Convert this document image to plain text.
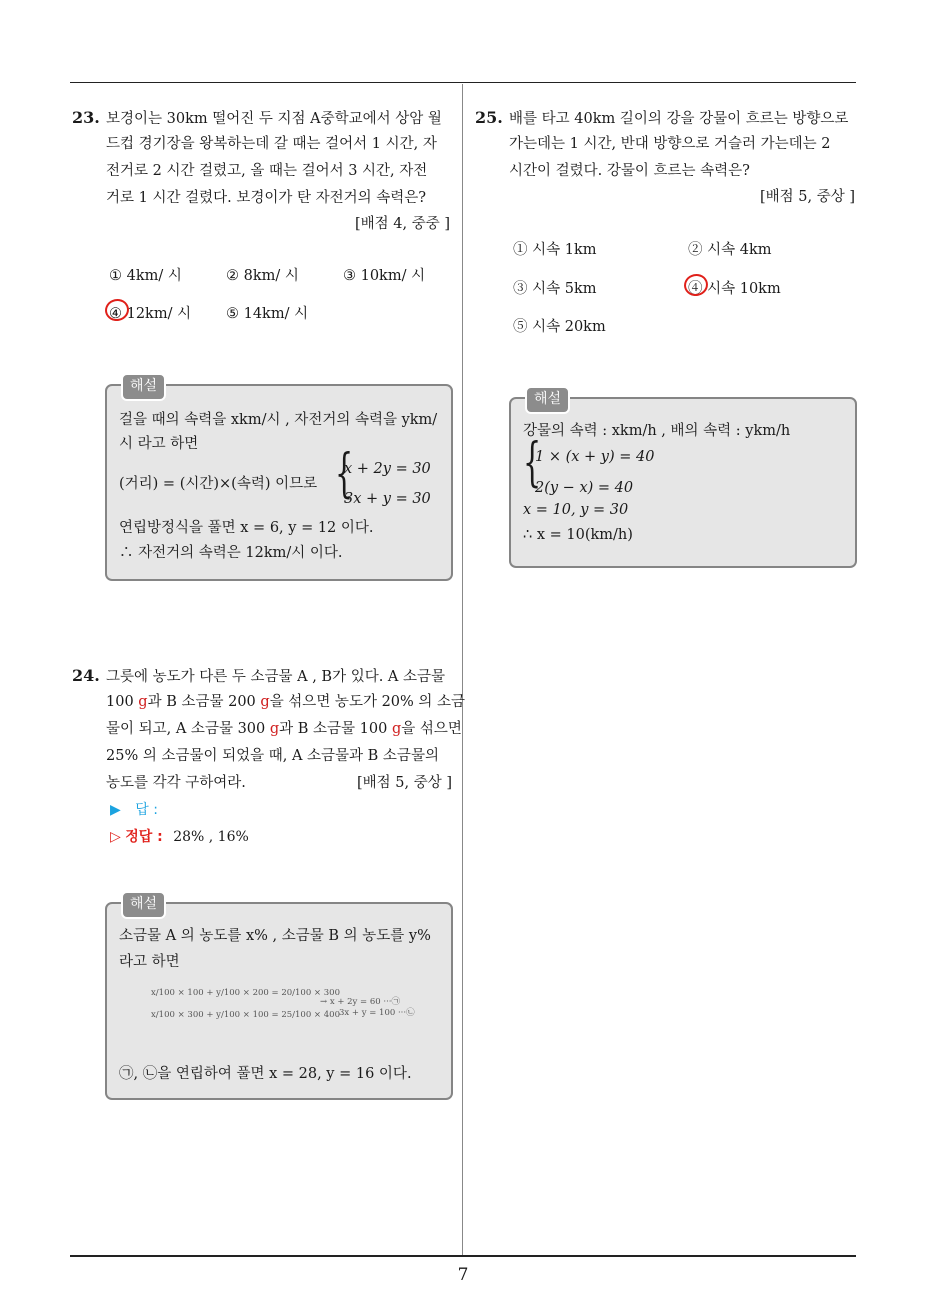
7
23. 보경이는 30km 떨어진 두 지점 A중학교에서 상암 월
드컵 경기장을 왕복하는데 갈 때는 걸어서 1 시간, 자
전거로 2 시간 걸렸고, 올 때는 걸어서 3 시간, 자전
거로 1 시간 걸렸다. 보경이가 탄 자전거의 속력은?
[배점 4, 중중 ]
① 4km/ 시	② 8km/ 시	③ 10km/ 시
④ 12km/ 시 ⑤ 14km/ 시
해설
걸을 때의 속력을 xkm/시 , 자전거의 속력을 ykm/
시 라고 하면
(거리) = (시간)×(속력) 이므로 {
x + 2y = 30
3x + y = 30
연립방정식을 풀면 x = 6, y = 12 이다.
∴ 자전거의 속력은 12km/시 이다.
24. 그릇에 농도가 다른 두 소금물 A , B가 있다. A 소금물
100 g과 B 소금물 200 g을 섞으면 농도가 20% 의 소금
물이 되고, A 소금물 300 g과 B 소금물 100 g을 섞으면
25% 의 소금물이 되었을 때, A 소금물과 B 소금물의
농도를 각각 구하여라.	[배점 5, 중상 ]
▶ 답 :
▷ 정답 : 28% , 16%
해설
소금물 A 의 농도를 x% , 소금물 B 의 농도를 y%
라고 하면
x/100 × 100 + y/100 × 200 = 20/100 × 300
x/100 × 300 + y/100 × 100 = 25/100 × 400
→ x + 2y = 60 ···㉠
3x + y = 100 ···㉡
㉠, ㉡을 연립하여 풀면 x = 28, y = 16 이다.
25. 배를 타고 40km 길이의 강을 강물이 흐르는 방향으로
가는데는 1 시간, 반대 방향으로 거슬러 가는데는 2
시간이 걸렸다. 강물이 흐르는 속력은?
[배점 5, 중상 ]
① 시속 1km	② 시속 4km
③ 시속 5km	④ 시속 10km
⑤ 시속 20km
해설
강물의 속력 : xkm/h , 배의 속력 : ykm/h
{
1 × (x + y) = 40
2(y − x) = 40
x = 10, y = 30
∴ x = 10(km/h)
